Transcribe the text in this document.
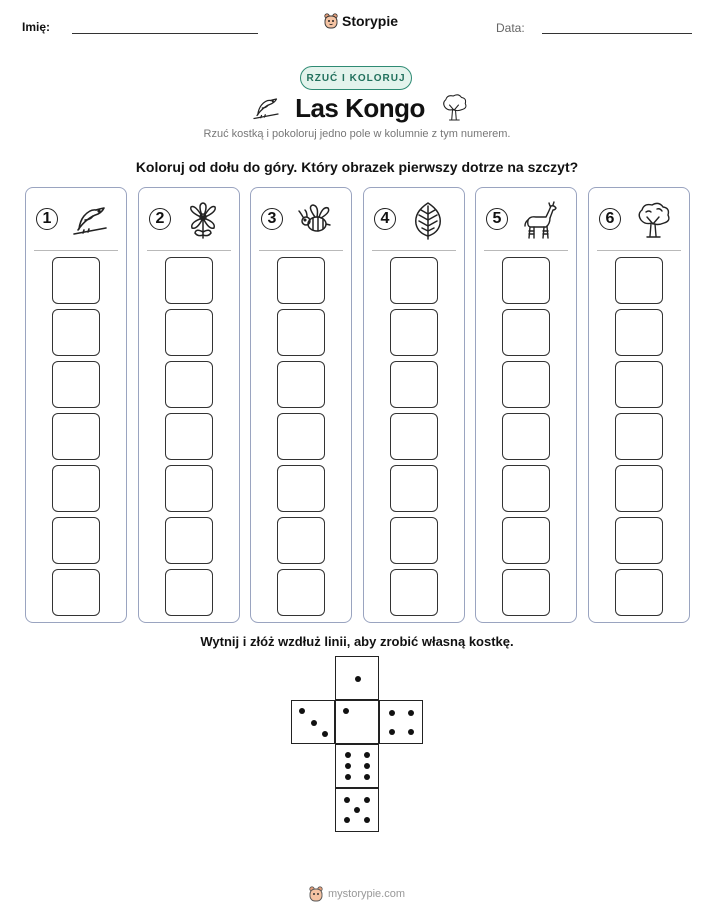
Imię:	Storypie	Data:
RZUĆ I KOLORUJ
Las Kongo
Rzuć kostką i pokoloruj jedno pole w kolumnie z tym numerem.
Koloruj od dołu do góry. Który obrazek pierwszy dotrze na szczyt?
1	2	3	4	5	6
Wytnij i złóż wzdłuż linii, aby zrobić własną kostkę.
mystorypie.com
